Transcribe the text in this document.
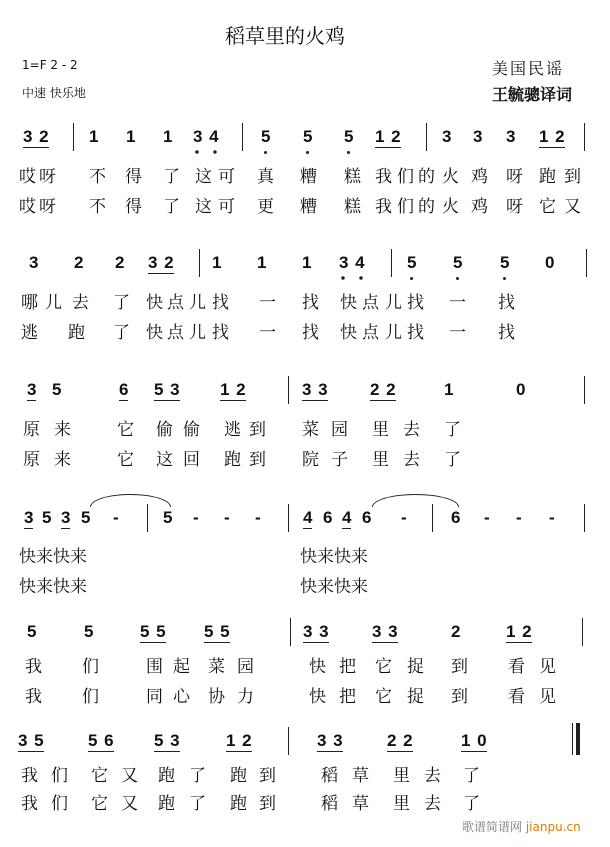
稻草里的火鸡
1=F 2 - 2
中速 快乐地
美国民谣
王毓骢译词
3 2 1 1 1 3 4 5 5 5 1 2 3 3 3 1 2
哎 呀 不 得 了 这 可 真 糟 糕 我 们 的 火 鸡 呀 跑 到
哎 呀 不 得 了 这 可 更 糟 糕 我 们 的 火 鸡 呀 它 又
3 2 2 3 2 1 1 1 3 4 5 5 5 0
哪 儿 去 了 快 点 儿 找 一 找 快 点 儿 找 一 找
逃 跑 了 快 点 儿 找 一 找 快 点 儿 找 一 找
3 5	6 5 3 1 2	3 3 2 2	1	0
原 来	它 偷 偷 逃 到 菜 园 里 去 了
原 来	它 这 回 跑 到 院 子 里 去 了
3 5 3 5 -	5 - - - 4 6 4 6 -	6 - - -
快来快来	快来快来
快来快来	快来快来
5	5	5 5 5 5	3 3	3 3	2	1 2
我 们	围 起 菜 园	快 把 它 捉 到 看 见
我 们	同 心 协 力	快 把 它 捉 到 看 见
3 5	5 6 5 3	1 2	3 3	2 2	1 0
我 们 它 又 跑 了 跑 到	稻 草 里 去 了
我 们 它 又 跑 了 跑 到	稻 草 里 去 了
歌谱简谱网 jianpu.cn
